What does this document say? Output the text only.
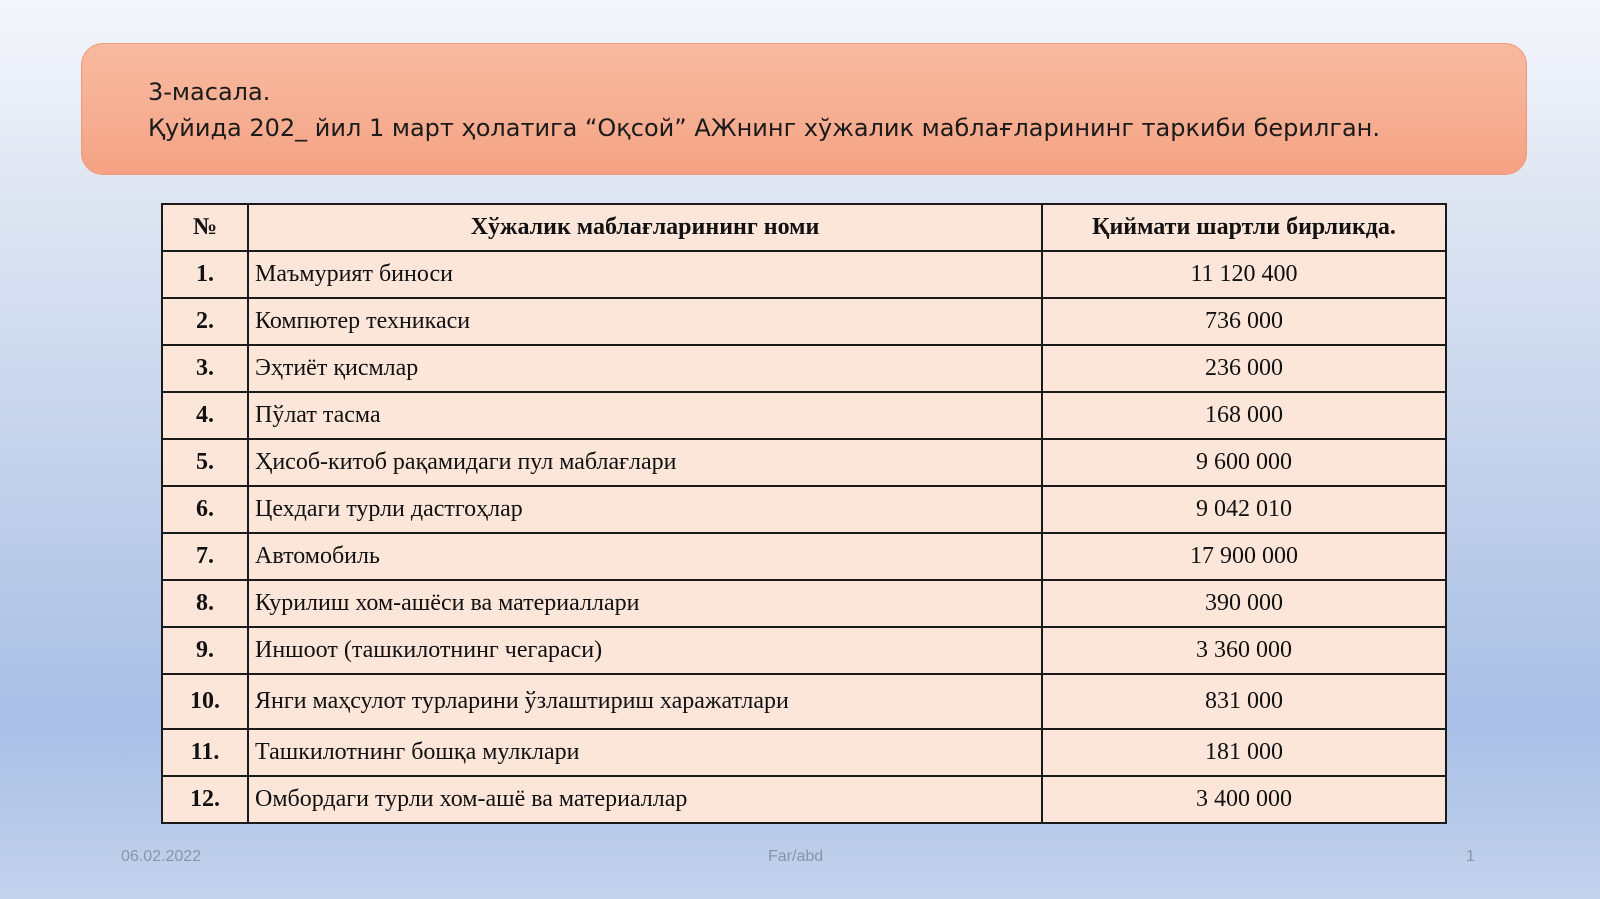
3-масала.
Қуйида 202_ йил 1 март ҳолатига “Оқсой” АЖнинг хўжалик маблағларининг таркиби берилган.
№	Хўжалик маблағларининг номи	Қиймати шартли бирликда.
1.	Маъмурият биноси	11 120 400
2.	Компютер техникаси	736 000
3.	Эҳтиёт қисмлар	236 000
4.	Пўлат тасма	168 000
5.	Ҳисоб-китоб рақамидаги пул маблағлари	9 600 000
6.	Цехдаги турли дастгоҳлар	9 042 010
7.	Автомобиль	17 900 000
8.	Курилиш хом-ашёси ва материаллари	390 000
9.	Иншоот (ташкилотнинг чегараси)	3 360 000
10.	Янги маҳсулот турларини ўзлаштириш харажатлари	831 000
11.	Ташкилотнинг бошқа мулклари	181 000
12.	Омбордаги турли хом-ашё ва материаллар	3 400 000
06.02.2022	Far/abd	1
